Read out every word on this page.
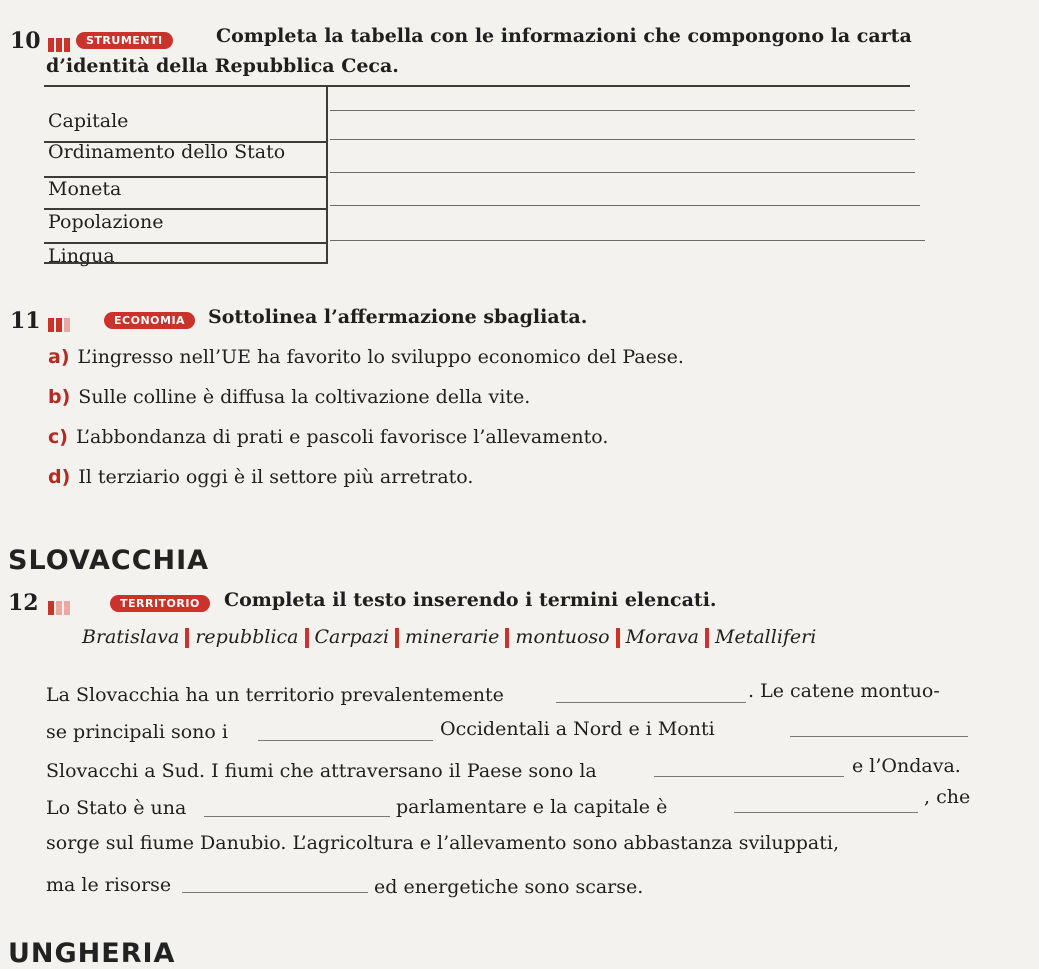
10	STRUMENTI	Completa la tabella con le informazioni che compongono la carta
d’identità della Repubblica Ceca.
Capitale
Ordinamento dello Stato
Moneta
Popolazione
Lingua
11	ECONOMIA	Sottolinea l’affermazione sbagliata.
a) L’ingresso nell’UE ha favorito lo sviluppo economico del Paese.
b) Sulle colline è diffusa la coltivazione della vite.
c) L’abbondanza di prati e pascoli favorisce l’allevamento.
d) Il terziario oggi è il settore più arretrato.
SLOVACCHIA
12	TERRITORIO	Completa il testo inserendo i termini elencati.
Bratislava repubblica Carpazi minerarie montuoso Morava Metalliferi
La Slovacchia ha un territorio prevalentemente	. Le catene montuo-
se principali sono i	Occidentali a Nord e i Monti
Slovacchi a Sud. I fiumi che attraversano il Paese sono la	e l’Ondava.
Lo Stato è una	parlamentare e la capitale è	, che
sorge sul fiume Danubio. L’agricoltura e l’allevamento sono abbastanza sviluppati,
ma le risorse	ed energetiche sono scarse.
UNGHERIA
